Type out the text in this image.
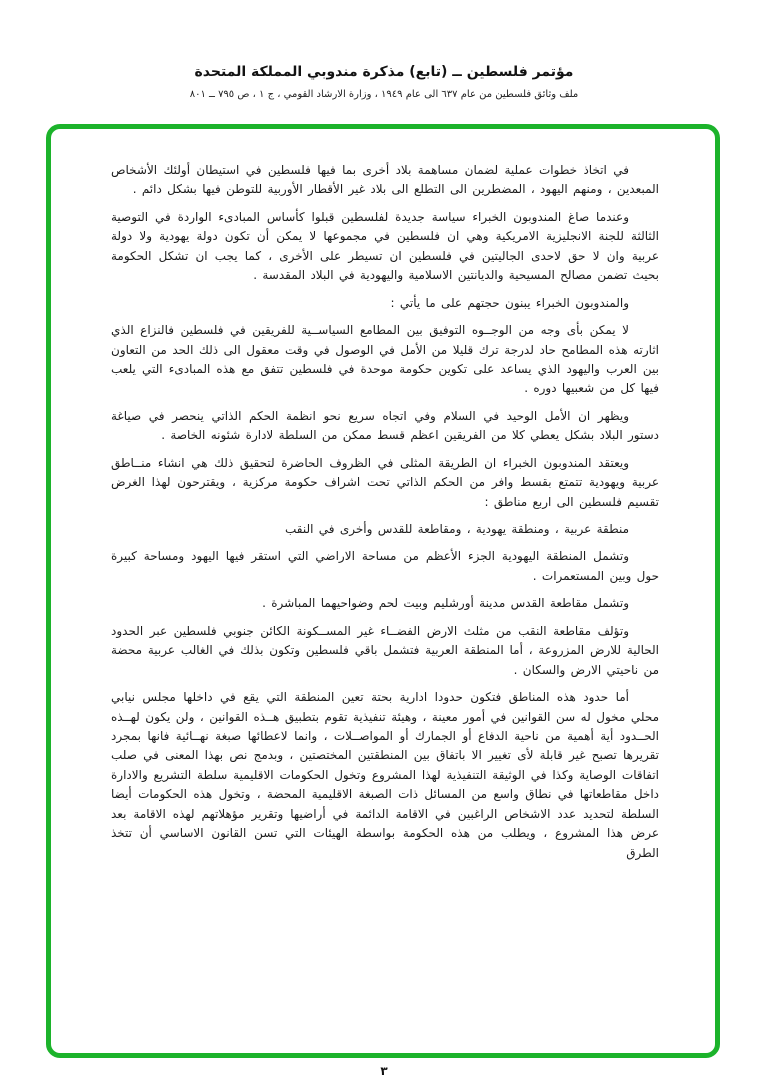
مؤتمر فلسطين ــ (تابع) مذكرة مندوبي المملكة المتحدة
ملف وثائق فلسطين من عام ٦٣٧ الى عام ١٩٤٩ ، وزارة الارشاد القومي ، ج ١ ، ص ٧٩٥ ــ ٨٠١

في اتخاذ خطوات عملية لضمان مساهمة بلاد أخرى بما فيها فلسطين في استيطان أولئك الأشخاص المبعدين ، ومنهم اليهود ، المضطرين الى التطلع الى بلاد غير الأقطار الأوربية للتوطن فيها بشكل دائم .

وعندما صاغ المندوبون الخبراء سياسة جديدة لفلسطين قبلوا كأساس المبادىء الواردة في التوصية الثالثة للجنة الانجليزية الامريكية وهي ان فلسطين في مجموعها لا يمكن أن تكون دولة يهودية ولا دولة عربية وان لا حق لاحدى الجاليتين في فلسطين ان تسيطر على الأخرى ، كما يجب ان تشكل الحكومة بحيث تضمن مصالح المسيحية والديانتين الاسلامية واليهودية في البلاد المقدسة .

والمندوبون الخبراء يبنون حجتهم على ما يأتي :

لا يمكن بأى وجه من الوجــوه التوفيق بين المطامع السياســية للفريقين في فلسطين فالنزاع الذي اثارته هذه المطامح حاد لدرجة ترك قليلا من الأمل في الوصول في وقت معقول الى ذلك الحد من التعاون بين العرب واليهود الذي يساعد على تكوين حكومة موحدة في فلسطين تتفق مع هذه المبادىء التي يلعب فيها كل من شعبيها دوره .

ويظهر ان الأمل الوحيد في السلام وفي اتجاه سريع نحو انظمة الحكم الذاتي ينحصر في صياغة دستور البلاد بشكل يعطي كلا من الفريقين اعظم قسط ممكن من السلطة لادارة شئونه الخاصة .

ويعتقد المندوبون الخبراء ان الطريقة المثلى في الظروف الحاضرة لتحقيق ذلك هي انشاء منــاطق عربية ويهودية تتمتع بقسط وافر من الحكم الذاتي تحت اشراف حكومة مركزية ، ويقترحون لهذا الغرض تقسيم فلسطين الى اربع مناطق :

منطقة عربية ، ومنطقة يهودية ، ومقاطعة للقدس وأخرى في النقب

وتشمل المنطقة اليهودية الجزء الأعظم من مساحة الاراضي التي استقر فيها اليهود ومساحة كبيرة حول وبين المستعمرات .

وتشمل مقاطعة القدس مدينة أورشليم وبيت لحم وضواحيهما المباشرة .

وتؤلف مقاطعة النقب من مثلث الارض الفضــاء غير المســكونة الكائن جنوبي فلسطين عبر الحدود الحالية للارض المزروعة ، أما المنطقة العربية فتشمل باقي فلسطين وتكون بذلك في الغالب عربية محضة من ناحيتي الارض والسكان .

أما حدود هذه المناطق فتكون حدودا ادارية بحتة تعين المنطقة التي يقع في داخلها مجلس نيابي محلي مخول له سن القوانين في أمور معينة ، وهيئة تنفيذية تقوم بتطبيق هــذه القوانين ، ولن يكون لهــذه الحــدود أية أهمية من ناحية الدفاع أو الجمارك أو المواصــلات ، وانما لاعطائها صبغة نهــائية فانها بمجرد تقريرها تصبح غير قابلة لأى تغيير الا باتفاق بين المنطقتين المختصتين ، وبدمج نص بهذا المعنى في صلب اتفاقات الوصاية وكذا في الوثيقة التنفيذية لهذا المشروع وتخول الحكومات الاقليمية سلطة التشريع والادارة داخل مقاطعاتها في نطاق واسع من المسائل ذات الصبغة الاقليمية المحضة ، وتخول هذه الحكومات أيضا السلطة لتحديد عدد الاشخاص الراغبين في الاقامة الدائمة في أراضيها وتقرير مؤهلاتهم لهذه الاقامة بعد عرض هذا المشروع ، ويطلب من هذه الحكومة بواسطة الهيئات التي تسن القانون الاساسي أن تتخذ الطرق

٣
